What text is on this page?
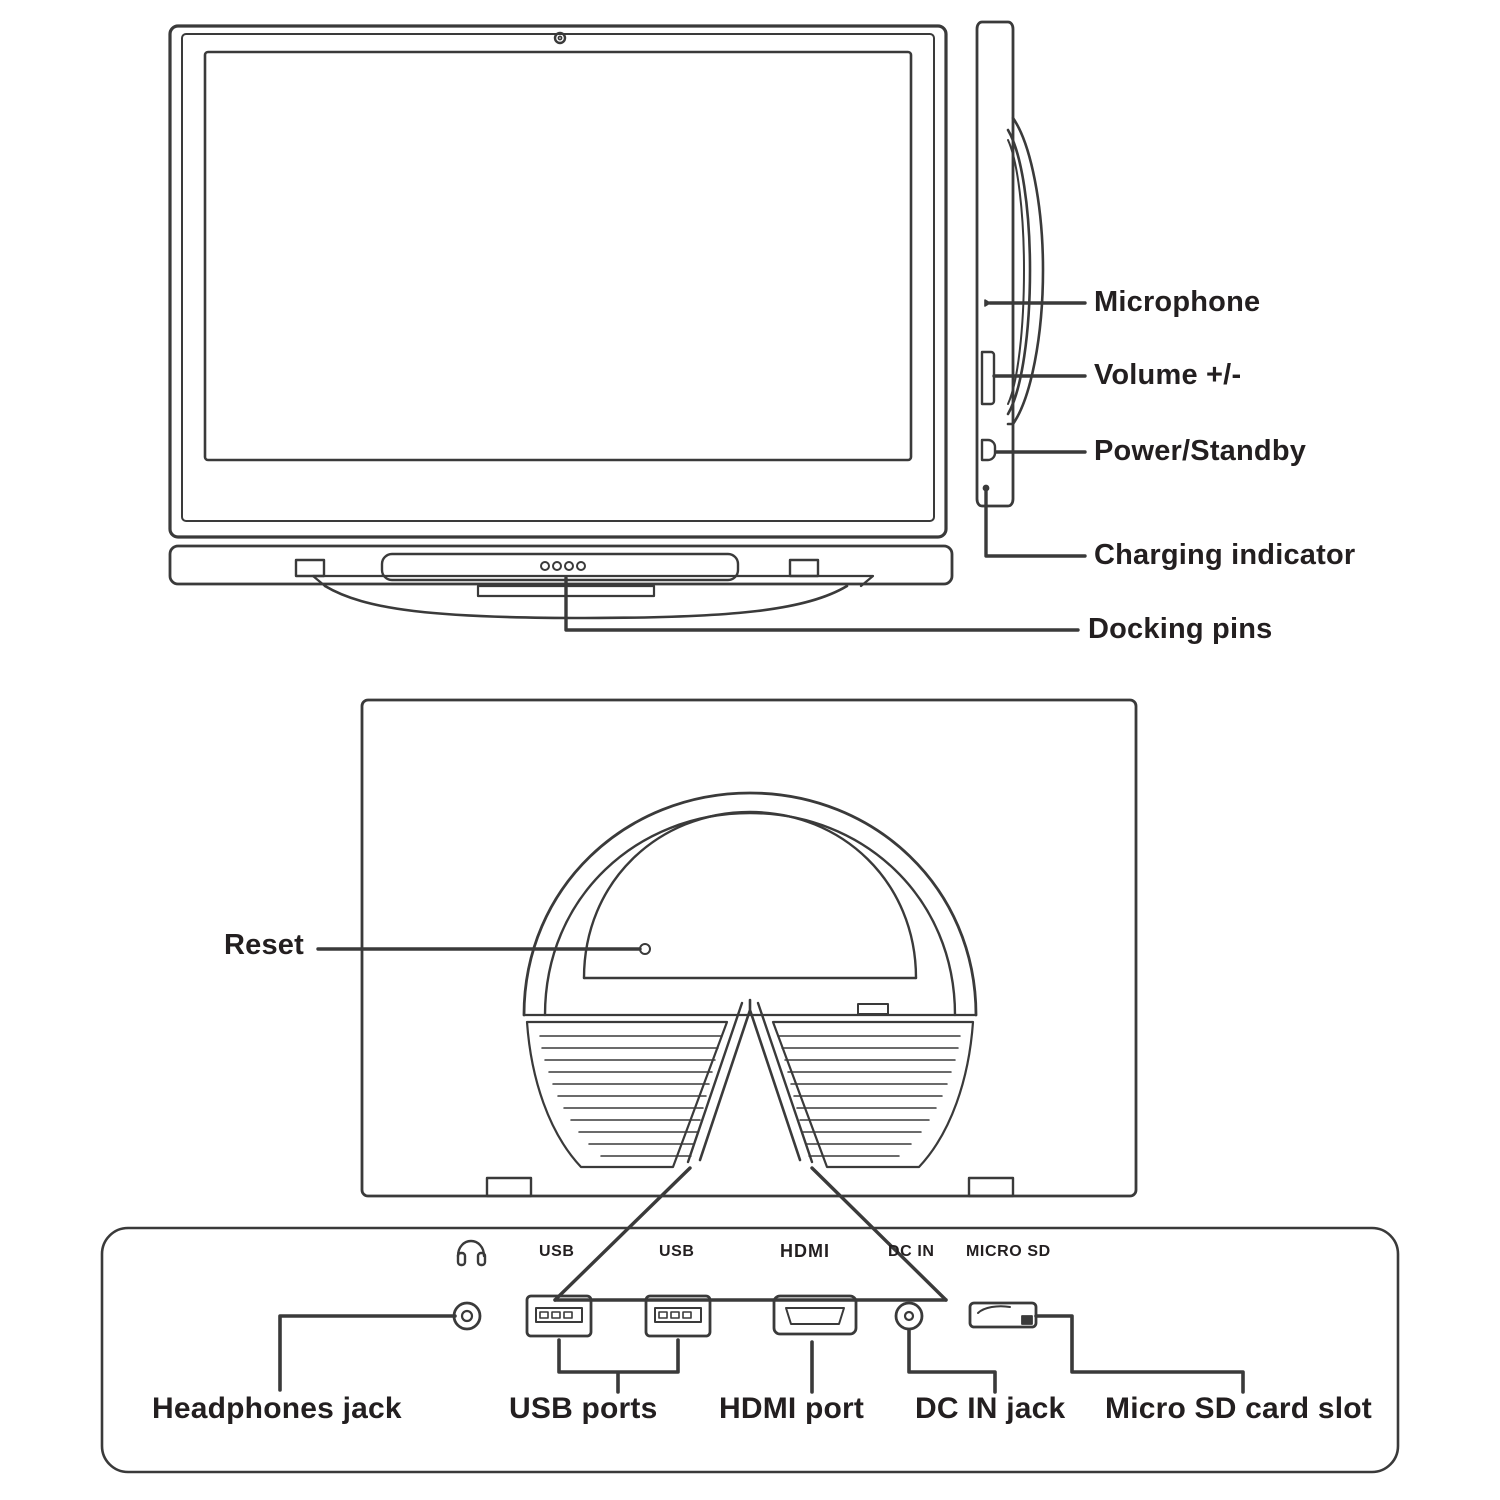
Microphone
Volume +/-
Power/Standby
Charging indicator
Docking pins
Reset
USB	USB	HDMI	DC IN MICRO SD
Headphones jack	USB ports HDMI port DC IN jack Micro SD card slot
